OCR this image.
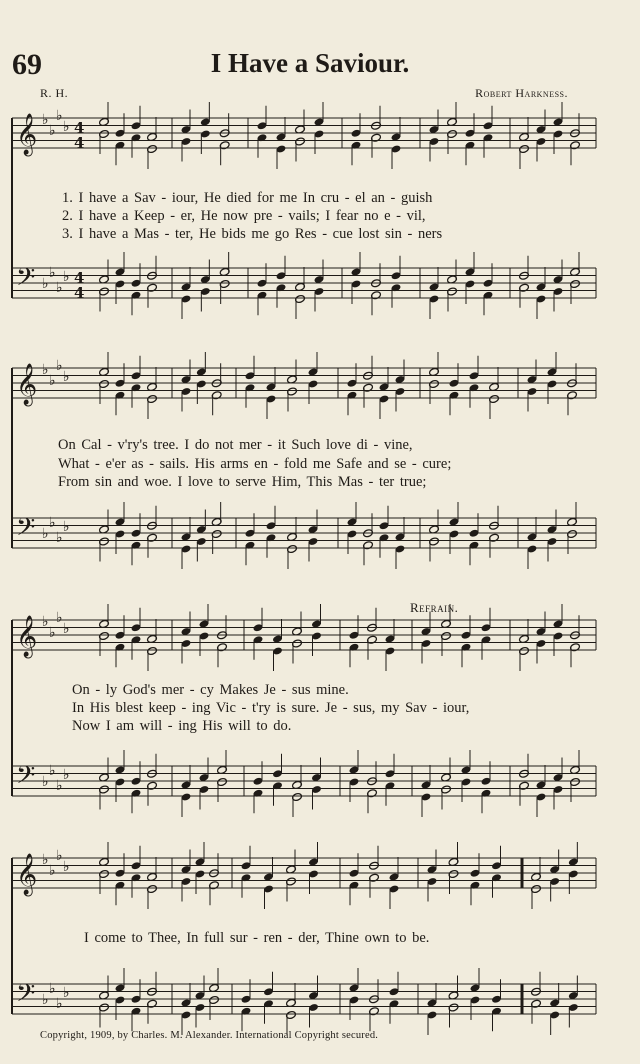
69	I Have a Saviour.
R. H.	Robert Harkness.
𝄞 ♭
♭
♭
♭ 4
4
𝄢 ♭
♭
♭
♭ 4
4
𝄞 ♭
♭
♭
♭
𝄢 ♭
♭
♭
♭
𝄞 ♭
♭
♭
♭
𝄢 ♭
♭
♭
♭
𝄞 ♭
♭
♭
♭
𝄢 ♭
♭
♭
♭
Refrain.
1. I have a Sav - iour, He died for me In cru - el an - guish
2. I have a Keep - er, He now pre - vails; I fear no e - vil,
3. I have a Mas - ter, He bids me go Res - cue lost sin - ners
On Cal - v'ry's tree. I do not mer - it Such love di - vine,
What - e'er as - sails. His arms en - fold me Safe and se - cure;
From sin and woe. I love to serve Him, This Mas - ter true;
On - ly God's mer - cy Makes Je - sus mine.
In His blest keep - ing Vic - t'ry is sure. Je - sus, my Sav - iour,
Now I am will - ing His will to do.
I come to Thee, In full sur - ren - der, Thine own to be.
Copyright, 1909, by Charles. M. Alexander. International Copyright secured.
